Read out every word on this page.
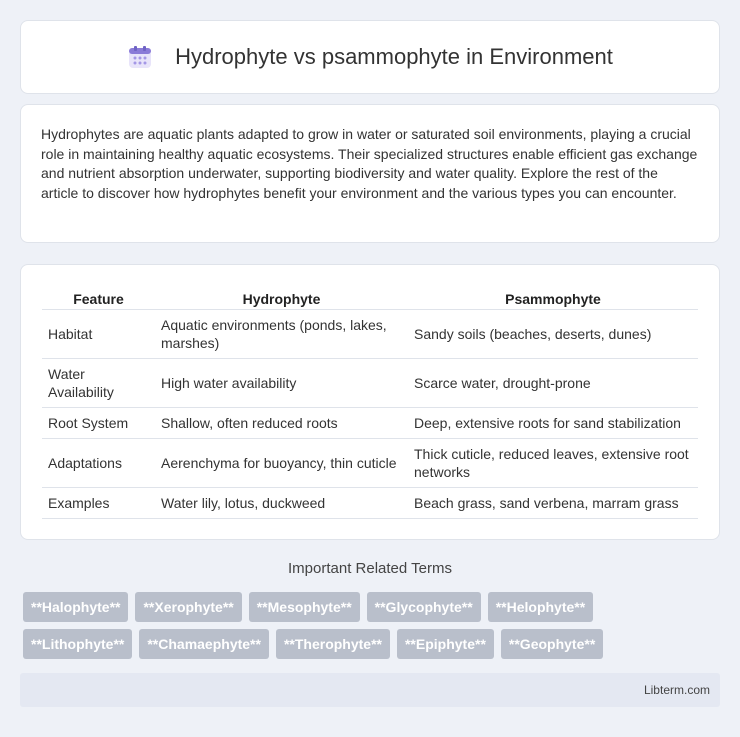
Hydrophyte vs psammophyte in Environment

Hydrophytes are aquatic plants adapted to grow in water or saturated soil environments, playing a crucial role in maintaining healthy aquatic ecosystems. Their specialized structures enable efficient gas exchange and nutrient absorption underwater, supporting biodiversity and water quality. Explore the rest of the article to discover how hydrophytes benefit your environment and the various types you can encounter.

Feature	Hydrophyte	Psammophyte
Habitat	Aquatic environments (ponds, lakes, marshes)	Sandy soils (beaches, deserts, dunes)
Water Availability	High water availability	Scarce water, drought-prone
Root System	Shallow, often reduced roots	Deep, extensive roots for sand stabilization
Adaptations	Aerenchyma for buoyancy, thin cuticle	Thick cuticle, reduced leaves, extensive root networks
Examples	Water lily, lotus, duckweed	Beach grass, sand verbena, marram grass
Important Related Terms
**Halophyte**	**Xerophyte**	**Mesophyte**	**Glycophyte**	**Helophyte**
**Lithophyte**	**Chamaephyte**	**Therophyte**	**Epiphyte**	**Geophyte**
Libterm.com
